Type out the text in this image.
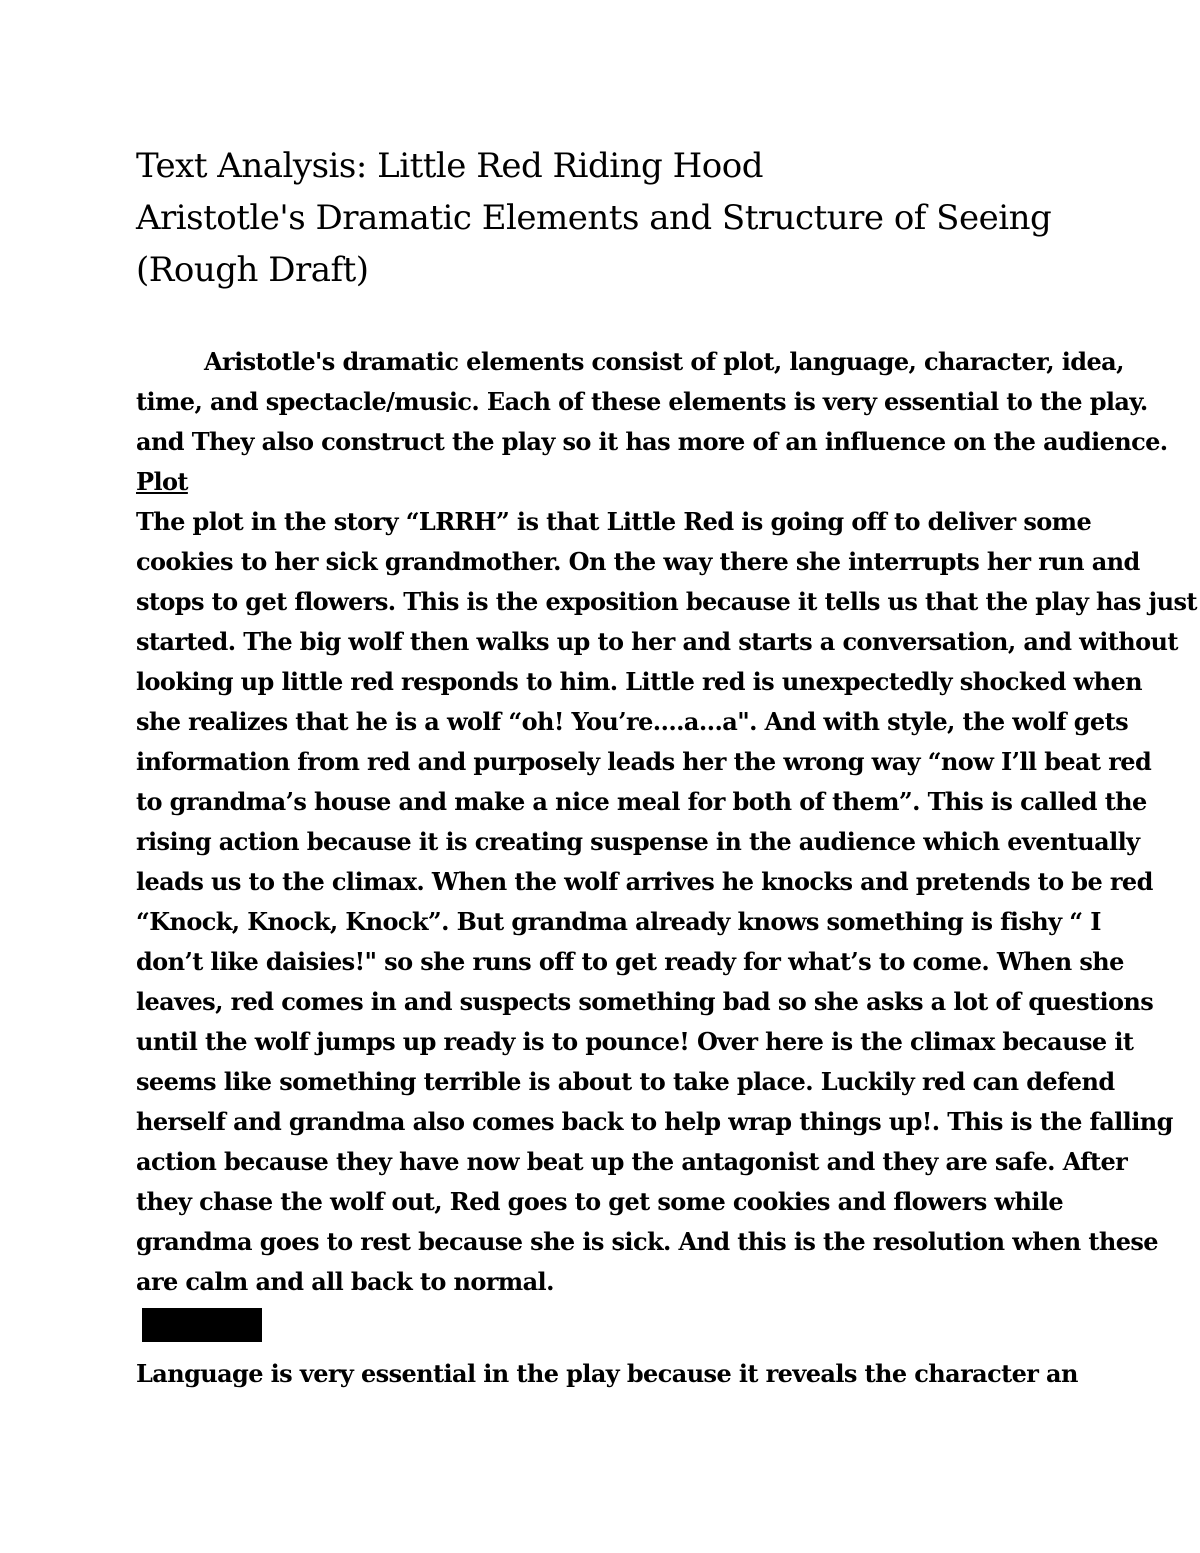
Text Analysis: Little Red Riding Hood
Aristotle's Dramatic Elements and Structure of Seeing
(Rough Draft)
Aristotle's dramatic elements consist of plot, language, character, idea,
time, and spectacle/music. Each of these elements is very essential to the play.
and They also construct the play so it has more of an influence on the audience.
Plot
The plot in the story “LRRH” is that Little Red is going off to deliver some
cookies to her sick grandmother. On the way there she interrupts her run and
stops to get flowers. This is the exposition because it tells us that the play has just
started. The big wolf then walks up to her and starts a conversation, and without
looking up little red responds to him. Little red is unexpectedly shocked when
she realizes that he is a wolf “oh! You’re….a…a". And with style, the wolf gets
information from red and purposely leads her the wrong way “now I’ll beat red
to grandma’s house and make a nice meal for both of them”. This is called the
rising action because it is creating suspense in the audience which eventually
leads us to the climax. When the wolf arrives he knocks and pretends to be red
“Knock, Knock, Knock”. But grandma already knows something is fishy “ I
don’t like daisies!" so she runs off to get ready for what’s to come. When she
leaves, red comes in and suspects something bad so she asks a lot of questions
until the wolf jumps up ready is to pounce! Over here is the climax because it
seems like something terrible is about to take place. Luckily red can defend
herself and grandma also comes back to help wrap things up!. This is the falling
action because they have now beat up the antagonist and they are safe. After
they chase the wolf out, Red goes to get some cookies and flowers while
grandma goes to rest because she is sick. And this is the resolution when these
are calm and all back to normal.
Language is very essential in the play because it reveals the character an
